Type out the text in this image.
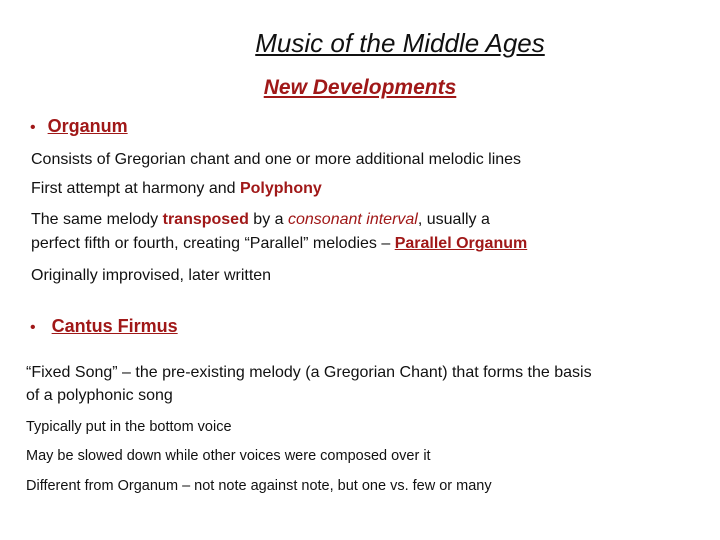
Music of the Middle Ages
New Developments
• Organum
Consists of Gregorian chant and one or more additional melodic lines
First attempt at harmony and Polyphony
The same melody transposed by a consonant interval, usually a
perfect fifth or fourth, creating “Parallel” melodies – Parallel Organum
Originally improvised, later written
• Cantus Firmus
“Fixed Song” – the pre-existing melody (a Gregorian Chant) that forms the basis
of a polyphonic song
Typically put in the bottom voice
May be slowed down while other voices were composed over it
Different from Organum – not note against note, but one vs. few or many
